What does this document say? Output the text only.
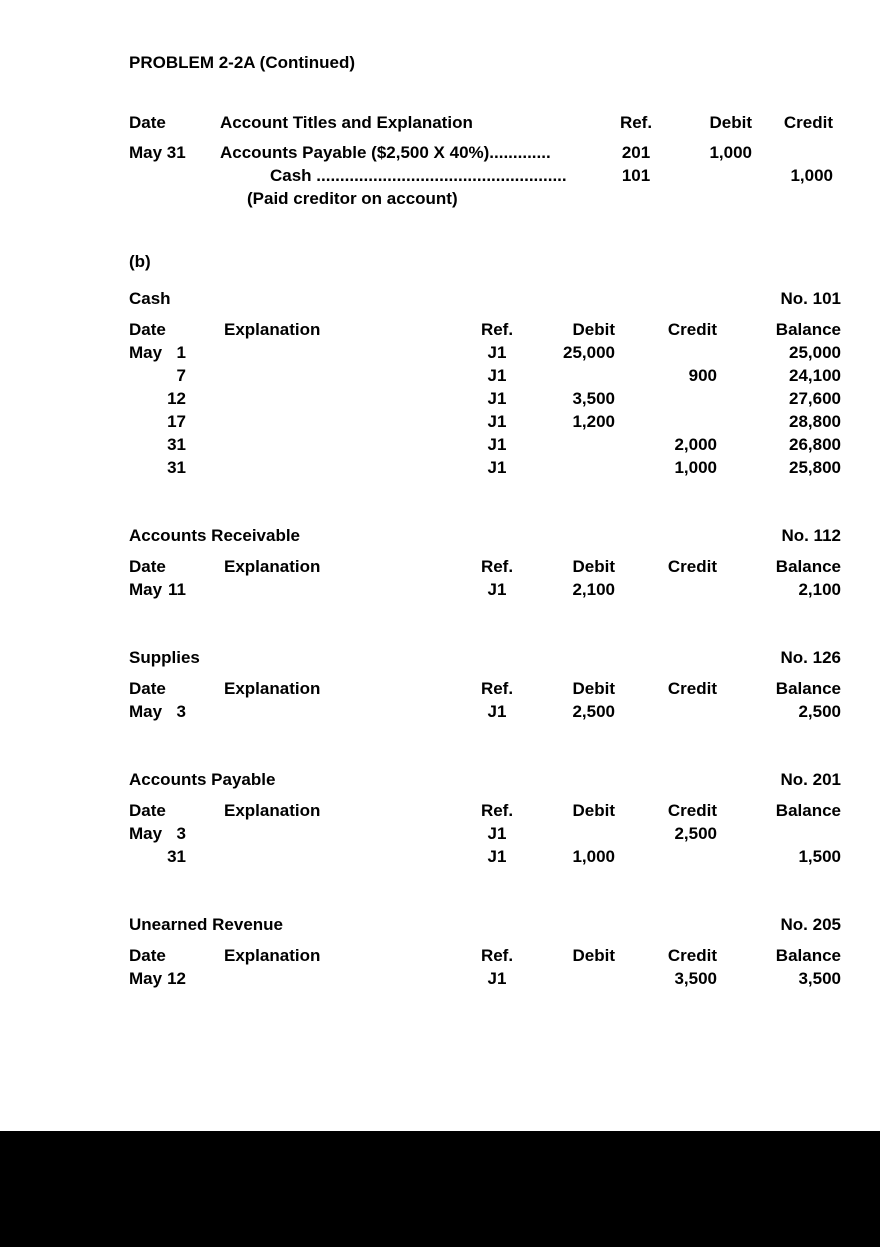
PROBLEM 2-2A (Continued)
Date	Account Titles and Explanation	Ref.	Debit	Credit
May 31	Accounts Payable ($2,500 X 40%).............	201	1,000	
	Cash .....................................................	101		1,000
	(Paid creditor on account)			
(b)
Cash	No. 101
Date	Explanation	Ref.	Debit	Credit	Balance
May 1		J1	25,000		25,000
7		J1		900	24,100
12		J1	3,500		27,600
17		J1	1,200		28,800
31		J1		2,000	26,800
31		J1		1,000	25,800
Accounts Receivable	No. 112
Date	Explanation	Ref.	Debit	Credit	Balance
May 11		J1	2,100		2,100
Supplies	No. 126
Date	Explanation	Ref.	Debit	Credit	Balance
May 3		J1	2,500		2,500
Accounts Payable	No. 201
Date	Explanation	Ref.	Debit	Credit	Balance
May 3		J1		2,500	
31		J1	1,000		1,500
Unearned Revenue	No. 205
Date	Explanation	Ref.	Debit	Credit	Balance
May 12		J1		3,500	3,500
